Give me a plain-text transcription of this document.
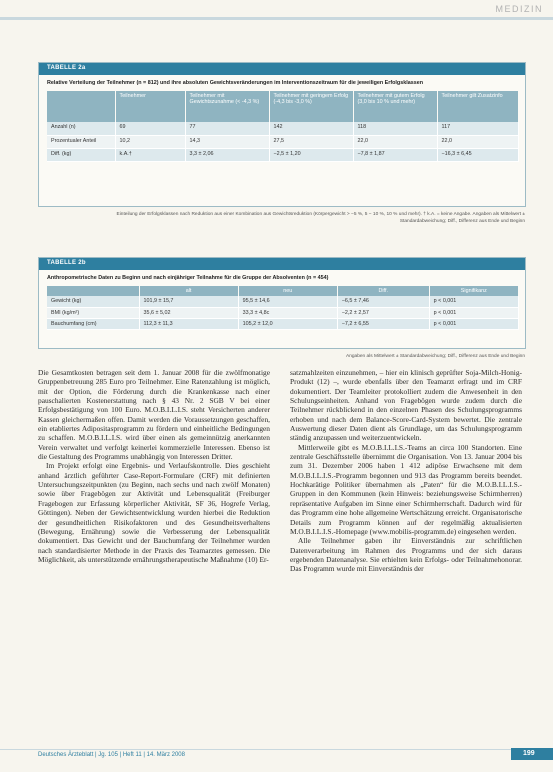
MEDIZIN
TABELLE 2a
Relative Verteilung der Teilnehmer (n = 812) und ihre absoluten Gewichtsveränderungen im Interventionszeitraum für die jeweiligen Erfolgsklassen
	Teilnehmer	Teilnehmer mit Gewichtszunahme (< -4,3 %)	Teilnehmer mit geringem Erfolg (-4,3 bis -3,0 %)	Teilnehmer mit gutem Erfolg (3,0 bis 10 % und mehr)	Teilnehmer gilt Zusatzinfo
Anzahl (n)	69	77	142	118	117
Prozentualer Anteil	10,2	14,3	27,5	22,0	22,0
Diff. (kg)	k.A.†	3,3 ± 2,06	−2,5 ± 1,20	−7,8 ± 1,87	−16,3 ± 6,45
Einteilung der Erfolgsklassen nach Reduktion aus einer Kombination aus Gewichtsreduktion (Körpergewicht > −5 %, 5 − 10 %, 10 % und mehr). † k.A. = keine Angabe. Angaben als Mittelwert ± Standardabweichung; Diff., Differenz aus Ende und Beginn
TABELLE 2b
Anthropometrische Daten zu Beginn und nach einjähriger Teilnahme für die Gruppe der Absolventen (n = 454)
	alt	neu	Diff.	Signifikanz
Gewicht (kg)	101,9 ± 15,7	95,5 ± 14,6	−6,5 ± 7,46	p < 0,001
BMI (kg/m²)	35,6 ± 5,02	33,3 ± 4,8c	−2,2 ± 2,57	p < 0,001
Bauchumfang (cm)	112,3 ± 11,3	105,2 ± 12,0	−7,2 ± 6,55	p < 0,001
Angaben als Mittelwert ± Standardabweichung; Diff., Differenz aus Ende und Beginn

Die Gesamtkosten betragen seit dem 1. Januar 2008 für die zwölfmonatige Gruppenbetreuung 285 Euro pro Teilnehmer. Eine Ratenzahlung ist möglich, mit der Option, die Förderung durch die Krankenkasse nach einer pauschalierten Kostenerstattung nach § 43 Nr. 2 SGB V bei einer Erfolgsbestätigung von 100 Euro. M.O.B.I.L.I.S. steht Versicherten anderer Kassen gleichermaßen offen. Damit werden die Voraussetzungen geschaffen, ein etabliertes Adipositasprogramm zu fördern und einheitliche Bedingungen zu schaffen. M.O.B.I.L.I.S. wird über einen als gemeinnützig anerkannten Verein verwaltet und verfolgt keinerlei kommerzielle Interessen. Ebenso ist die Gestaltung des Programms unabhängig von Interessen Dritter.

Im Projekt erfolgt eine Ergebnis- und Verlaufskontrolle. Dies geschieht anhand ärztlich geführter Case-Report-Formulare (CRF) mit definierten Untersuchungszeitpunkten (zu Beginn, nach sechs und nach zwölf Monaten) sowie über Fragebögen zur Aktivität und Lebensqualität (Freiburger Fragebogen zur Erfassung körperlicher Aktivität, SF 36, Hogrefe Verlag, Göttingen). Neben der Gewichtsentwicklung wurden hierbei die Reduktion der gesundheitlichen Risikofaktoren und des Gesundheitsverhaltens (Bewegung, Ernährung) sowie die Verbesserung der Lebensqualität dokumentiert. Das Gewicht und der Bauchumfang der Teilnehmer wurden nach standardisierter Methode in der Praxis des Teamarztes gemessen. Die Möglichkeit, als unterstützende ernährungstherapeutische Maßnahme (10) Er-

satzmahlzeiten einzunehmen, – hier ein klinisch geprüfter Soja-Milch-Honig-Produkt (12) –, wurde ebenfalls über den Teamarzt erfragt und im CRF dokumentiert. Der Teamleiter protokolliert zudem die Anwesenheit in den Schulungseinheiten. Anhand von Fragebögen wurde zudem durch die Teilnehmer rückblickend in den einzelnen Phasen des Schulungsprogramms erhoben und nach dem Balance-Score-Card-System bewertet. Die zentrale Auswertung dieser Daten dient als Grundlage, um das Schulungsprogramm ständig anzupassen und weiterzuentwickeln.

Mittlerweile gibt es M.O.B.I.L.I.S.-Teams an circa 100 Standorten. Eine zentrale Geschäftsstelle übernimmt die Organisation. Von 13. Januar 2004 bis zum 31. Dezember 2006 haben 1 412 adipöse Erwachsene mit dem M.O.B.I.L.I.S.-Programm begonnen und 913 das Programm bereits beendet. Hochkarätige Politiker übernahmen als „Paten“ für die M.O.B.I.L.I.S.-Gruppen in den Kommunen (kein Hinweis: beziehungsweise Schirmherren) repräsentative Aufgaben im Sinne einer Schirmherrschaft. Dadurch wird für das Programm eine hohe allgemeine Wertschätzung erreicht. Organisatorische Details zum Programm können auf der regelmäßig aktualisierten M.O.B.I.L.I.S.-Homepage (www.mobilis-programm.de) eingesehen werden.

Alle Teilnehmer gaben ihr Einverständnis zur schriftlichen Datenverarbeitung im Rahmen des Programms und der sich daraus ergebenden Datenanalyse. Sie erhielten kein Erfolgs- oder Teilnahmehonorar. Das Programm wurde mit Einverständnis der

Deutsches Ärzteblatt | Jg. 105 | Heft 11 | 14. März 2008	199
